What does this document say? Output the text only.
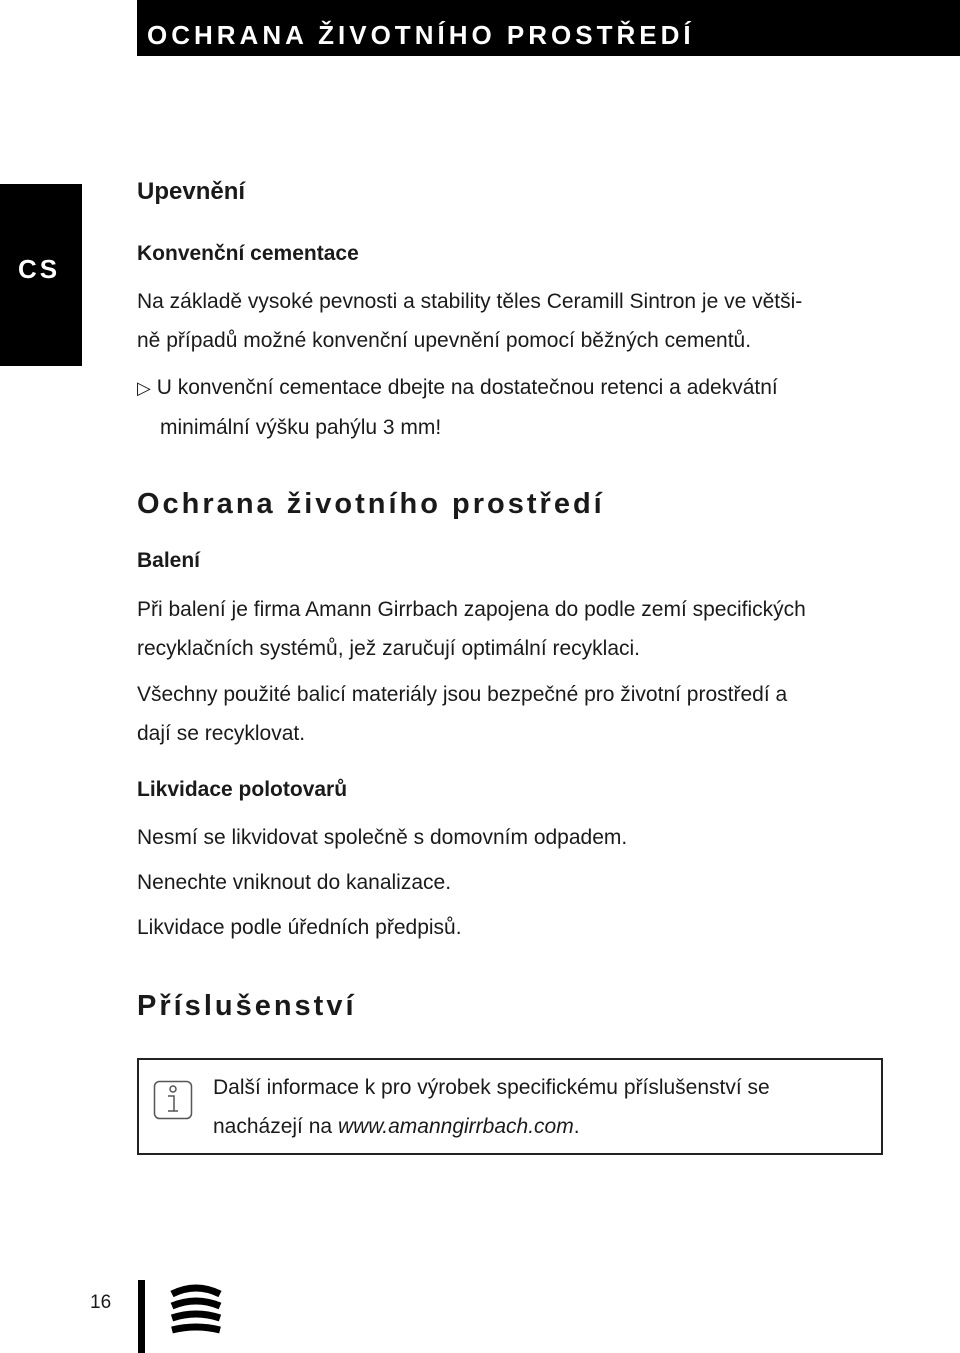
OCHRANA ŽIVOTNÍHO PROSTŘEDÍ
CS
Upevnění
Konvenční cementace
Na základě vysoké pevnosti a stability těles Ceramill Sintron je ve větši-
ně případů možné konvenční upevnění pomocí běžných cementů.
▷ U konvenční cementace dbejte na dostatečnou retenci a adekvátní
minimální výšku pahýlu 3 mm!
Ochrana životního prostředí
Balení
Při balení je firma Amann Girrbach zapojena do podle zemí specifických
recyklačních systémů, jež zaručují optimální recyklaci.
Všechny použité balicí materiály jsou bezpečné pro životní prostředí a
dají se recyklovat.
Likvidace polotovarů
Nesmí se likvidovat společně s domovním odpadem.
Nenechte vniknout do kanalizace.
Likvidace podle úředních předpisů.
Příslušenství
Další informace k pro výrobek specifickému příslušenství se
nacházejí na www.amanngirrbach.com.
16
